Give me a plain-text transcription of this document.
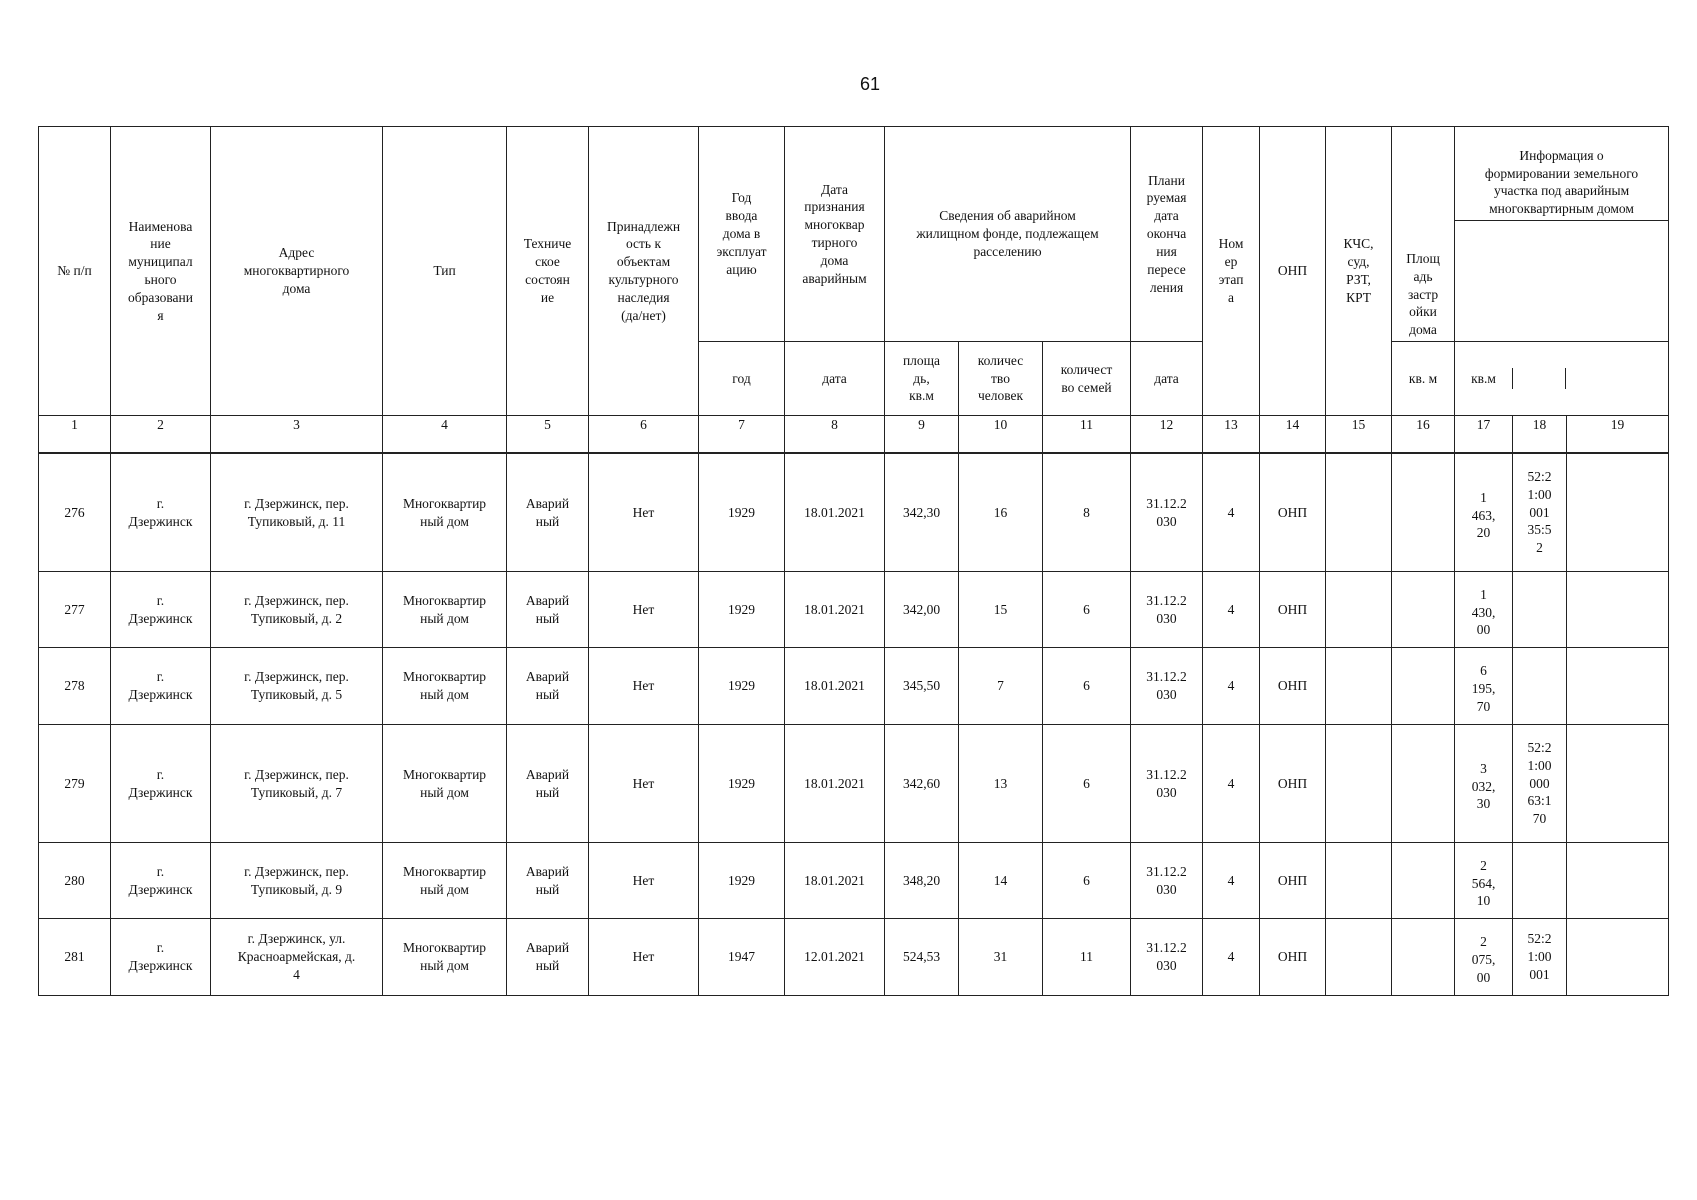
61
№ п/п	Наименова
ние
муниципал
ьного
образовани
я	Адрес
многоквартирного
дома	Тип	Техниче
ское
состоян
ие	Принадлежн
ость к
объектам
культурного
наследия
(да/нет)	Год
ввода
дома в
эксплуат
ацию	Дата
признания
многоквар
тирного
дома
аварийным	Сведения об аварийном
жилищном фонде, подлежащем
расселению	Плани
руемая
дата
оконча
ния
пересе
ления	Ном
ер
этап
а	ОНП	КЧС,
суд,
РЗТ,
КРТ	Площ
адь
застр
ойки
дома	

Информация о
формировании земельного
участка под аварийным
многоквартирным домом

год	дата	площа
дь,
кв.м	количес
тво
человек	количест
во семей	дата	кв. м		кв.м		

1	2	3	4	5	6	7	8	9	10	11	12	13	14	15	16	17	18	19

276	г.
Дзержинск	г. Дзержинск, пер.
Тупиковый, д. 11	Многоквартир
ный дом	Аварий
ный	Нет	1929	18.01.2021	342,30	16	8	31.12.2
030	4	ОНП			1
463,
20	52:2
1:00
001
35:5
2	
277	г.
Дзержинск	г. Дзержинск, пер.
Тупиковый, д. 2	Многоквартир
ный дом	Аварий
ный	Нет	1929	18.01.2021	342,00	15	6	31.12.2
030	4	ОНП			1
430,
00		
278	г.
Дзержинск	г. Дзержинск, пер.
Тупиковый, д. 5	Многоквартир
ный дом	Аварий
ный	Нет	1929	18.01.2021	345,50	7	6	31.12.2
030	4	ОНП			6
195,
70		
279	г.
Дзержинск	г. Дзержинск, пер.
Тупиковый, д. 7	Многоквартир
ный дом	Аварий
ный	Нет	1929	18.01.2021	342,60	13	6	31.12.2
030	4	ОНП			3
032,
30	52:2
1:00
000
63:1
70	
280	г.
Дзержинск	г. Дзержинск, пер.
Тупиковый, д. 9	Многоквартир
ный дом	Аварий
ный	Нет	1929	18.01.2021	348,20	14	6	31.12.2
030	4	ОНП			2
564,
10		
281	г.
Дзержинск	г. Дзержинск, ул.
Красноармейская, д.
4	Многоквартир
ный дом	Аварий
ный	Нет	1947	12.01.2021	524,53	31	11	31.12.2
030	4	ОНП			2
075,
00	52:2
1:00
001	
